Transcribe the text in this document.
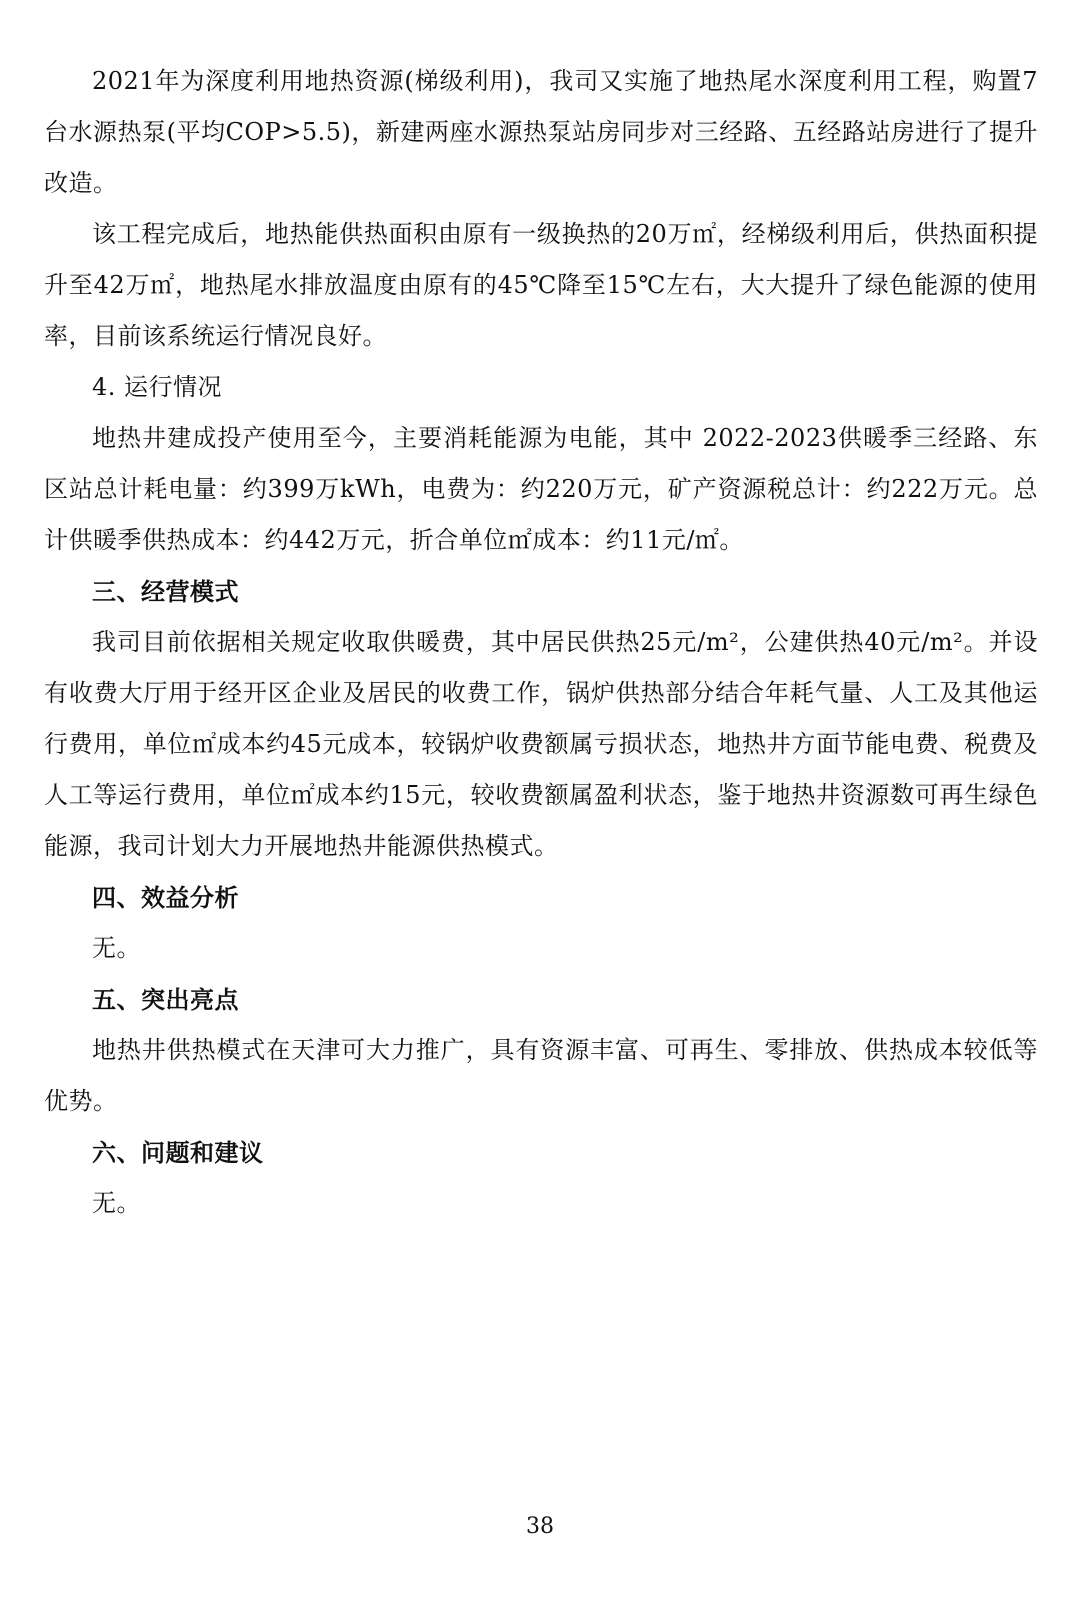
2021年为深度利用地热资源(梯级利用)，我司又实施了地热尾水深度利用工程，购置7台水源热泵(平均COP>5.5)，新建两座水源热泵站房同步对三经路、五经路站房进行了提升改造。

该工程完成后，地热能供热面积由原有一级换热的20万㎡，经梯级利用后，供热面积提升至42万㎡，地热尾水排放温度由原有的45℃降至15℃左右，大大提升了绿色能源的使用率，目前该系统运行情况良好。

4. 运行情况

地热井建成投产使用至今，主要消耗能源为电能，其中 2022-2023供暖季三经路、东区站总计耗电量：约399万kWh，电费为：约220万元，矿产资源税总计：约222万元。总计供暖季供热成本：约442万元，折合单位㎡成本：约11元/㎡。

三、经营模式

我司目前依据相关规定收取供暖费，其中居民供热25元/m²，公建供热40元/m²。并设有收费大厅用于经开区企业及居民的收费工作，锅炉供热部分结合年耗气量、人工及其他运行费用，单位㎡成本约45元成本，较锅炉收费额属亏损状态，地热井方面节能电费、税费及人工等运行费用，单位㎡成本约15元，较收费额属盈利状态，鉴于地热井资源数可再生绿色能源，我司计划大力开展地热井能源供热模式。

四、效益分析

无。

五、突出亮点

地热井供热模式在天津可大力推广，具有资源丰富、可再生、零排放、供热成本较低等优势。

六、问题和建议

无。

38
